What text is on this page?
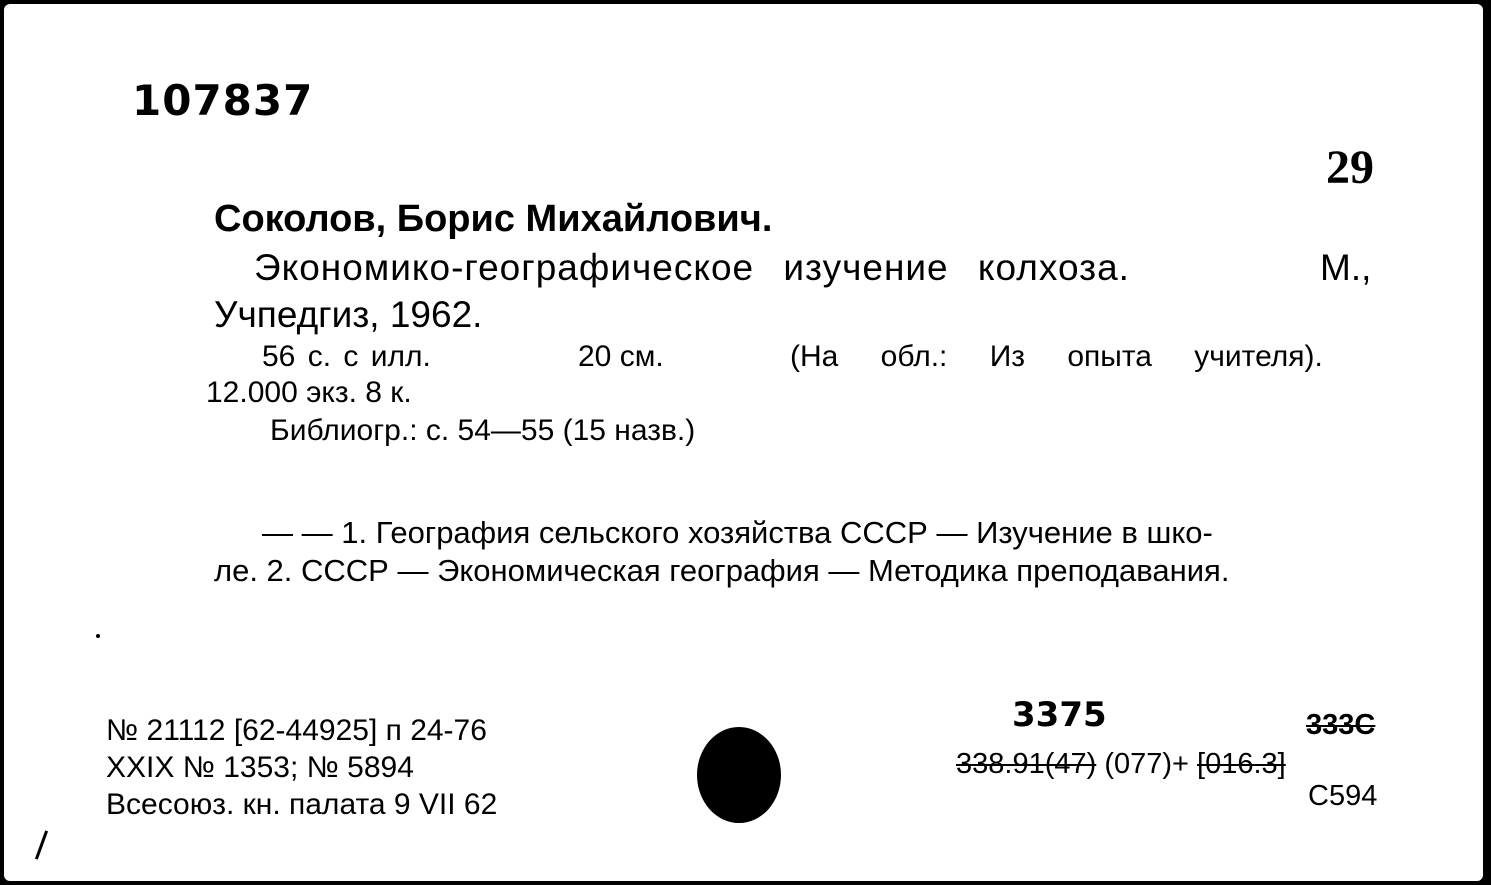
107837
29
Соколов, Борис Михайлович.
Экономико-географическое изучение колхоза.	М.,
Учпедгиз, 1962.
56 с. с илл.	20 см.	(На обл.: Из опыта учителя).
12.000 экз. 8 к.
Библиогр.: с. 54—55 (15 назв.)
— — 1. География сельского хозяйства СССР — Изучение в шко-
ле. 2. СССР — Экономическая география — Методика преподавания.
№ 21112 [62-44925] п 24-76
XXIX № 1353; № 5894
Всесоюз. кн. палата 9 VII 62
3375	333С
338.91(47) (077)+ [016.3]
С594
